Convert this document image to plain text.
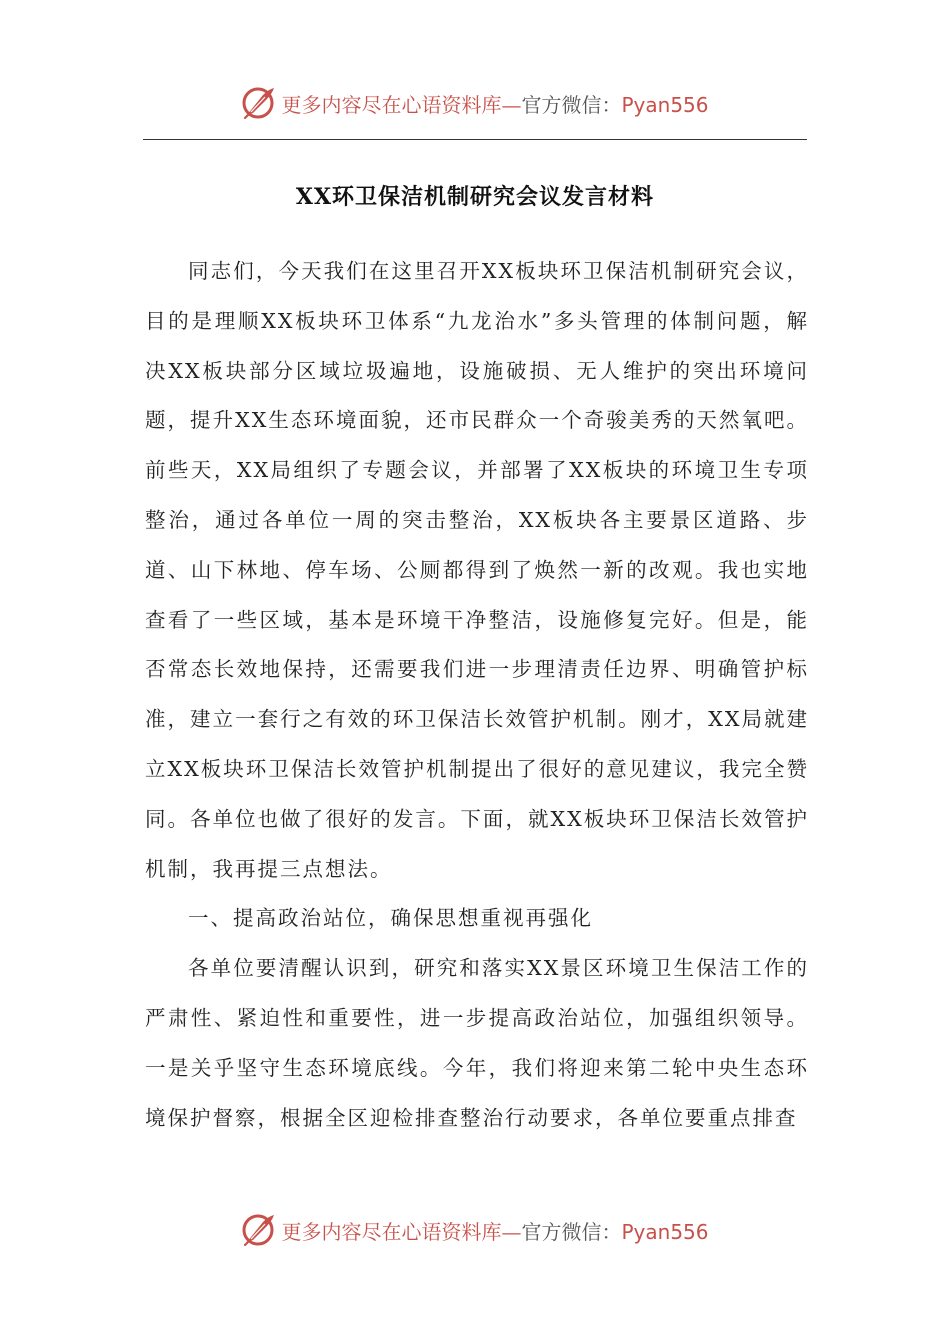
更多内容尽在心语资料库—官方微信：Pyan556
XX环卫保洁机制研究会议发言材料

同志们，今天我们在这里召开XX板块环卫保洁机制研究会议，目的是理顺XX板块环卫体系“九龙治水”多头管理的体制问题，解决XX板块部分区域垃圾遍地，设施破损、无人维护的突出环境问题，提升XX生态环境面貌，还市民群众一个奇骏美秀的天然氧吧。前些天，XX局组织了专题会议，并部署了XX板块的环境卫生专项整治，通过各单位一周的突击整治，XX板块各主要景区道路、步道、山下林地、停车场、公厕都得到了焕然一新的改观。我也实地查看了一些区域，基本是环境干净整洁，设施修复完好。但是，能否常态长效地保持，还需要我们进一步理清责任边界、明确管护标准，建立一套行之有效的环卫保洁长效管护机制。刚才，XX局就建立XX板块环卫保洁长效管护机制提出了很好的意见建议，我完全赞同。各单位也做了很好的发言。下面，就XX板块环卫保洁长效管护机制，我再提三点想法。

一、提高政治站位，确保思想重视再强化

各单位要清醒认识到，研究和落实XX景区环境卫生保洁工作的严肃性、紧迫性和重要性，进一步提高政治站位，加强组织领导。一是关乎坚守生态环境底线。今年，我们将迎来第二轮中央生态环境保护督察，根据全区迎检排查整治行动要求，各单位要重点排查

更多内容尽在心语资料库—官方微信：Pyan556
